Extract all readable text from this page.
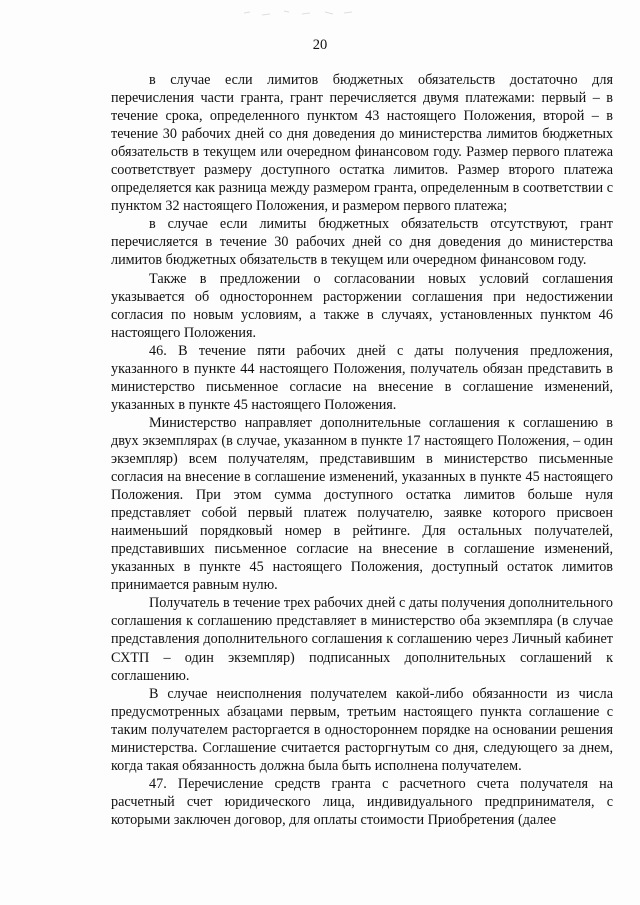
20

в случае если лимитов бюджетных обязательств достаточно для перечисления части гранта, грант перечисляется двумя платежами: первый – в течение срока, определенного пунктом 43 настоящего Положения, второй – в течение 30 рабочих дней со дня доведения до министерства лимитов бюджетных обязательств в текущем или очередном финансовом году. Размер первого платежа соответствует размеру доступного остатка лимитов. Размер второго платежа определяется как разница между размером гранта, определенным в соответствии с пунктом 32 настоящего Положения, и размером первого платежа;

в случае если лимиты бюджетных обязательств отсутствуют, грант перечисляется в течение 30 рабочих дней со дня доведения до министерства лимитов бюджетных обязательств в текущем или очередном финансовом году.

Также в предложении о согласовании новых условий соглашения указывается об одностороннем расторжении соглашения при недостижении согласия по новым условиям, а также в случаях, установленных пунктом 46 настоящего Положения.

46. В течение пяти рабочих дней с даты получения предложения, указанного в пункте 44 настоящего Положения, получатель обязан представить в министерство письменное согласие на внесение в соглашение изменений, указанных в пункте 45 настоящего Положения.

Министерство направляет дополнительные соглашения к соглашению в двух экземплярах (в случае, указанном в пункте 17 настоящего Положения, – один экземпляр) всем получателям, представившим в министерство письменные согласия на внесение в соглашение изменений, указанных в пункте 45 настоящего Положения. При этом сумма доступного остатка лимитов больше нуля представляет собой первый платеж получателю, заявке которого присвоен наименьший порядковый номер в рейтинге. Для остальных получателей, представивших письменное согласие на внесение в соглашение изменений, указанных в пункте 45 настоящего Положения, доступный остаток лимитов принимается равным нулю.

Получатель в течение трех рабочих дней с даты получения дополнительного соглашения к соглашению представляет в министерство оба экземпляра (в случае представления дополнительного соглашения к соглашению через Личный кабинет СХТП – один экземпляр) подписанных дополнительных соглашений к соглашению.

В случае неисполнения получателем какой-либо обязанности из числа предусмотренных абзацами первым, третьим настоящего пункта соглашение с таким получателем расторгается в одностороннем порядке на основании решения министерства. Соглашение считается расторгнутым со дня, следующего за днем, когда такая обязанность должна была быть исполнена получателем.

47. Перечисление средств гранта с расчетного счета получателя на расчетный счет юридического лица, индивидуального предпринимателя, с которыми заключен договор, для оплаты стоимости Приобретения (далее
